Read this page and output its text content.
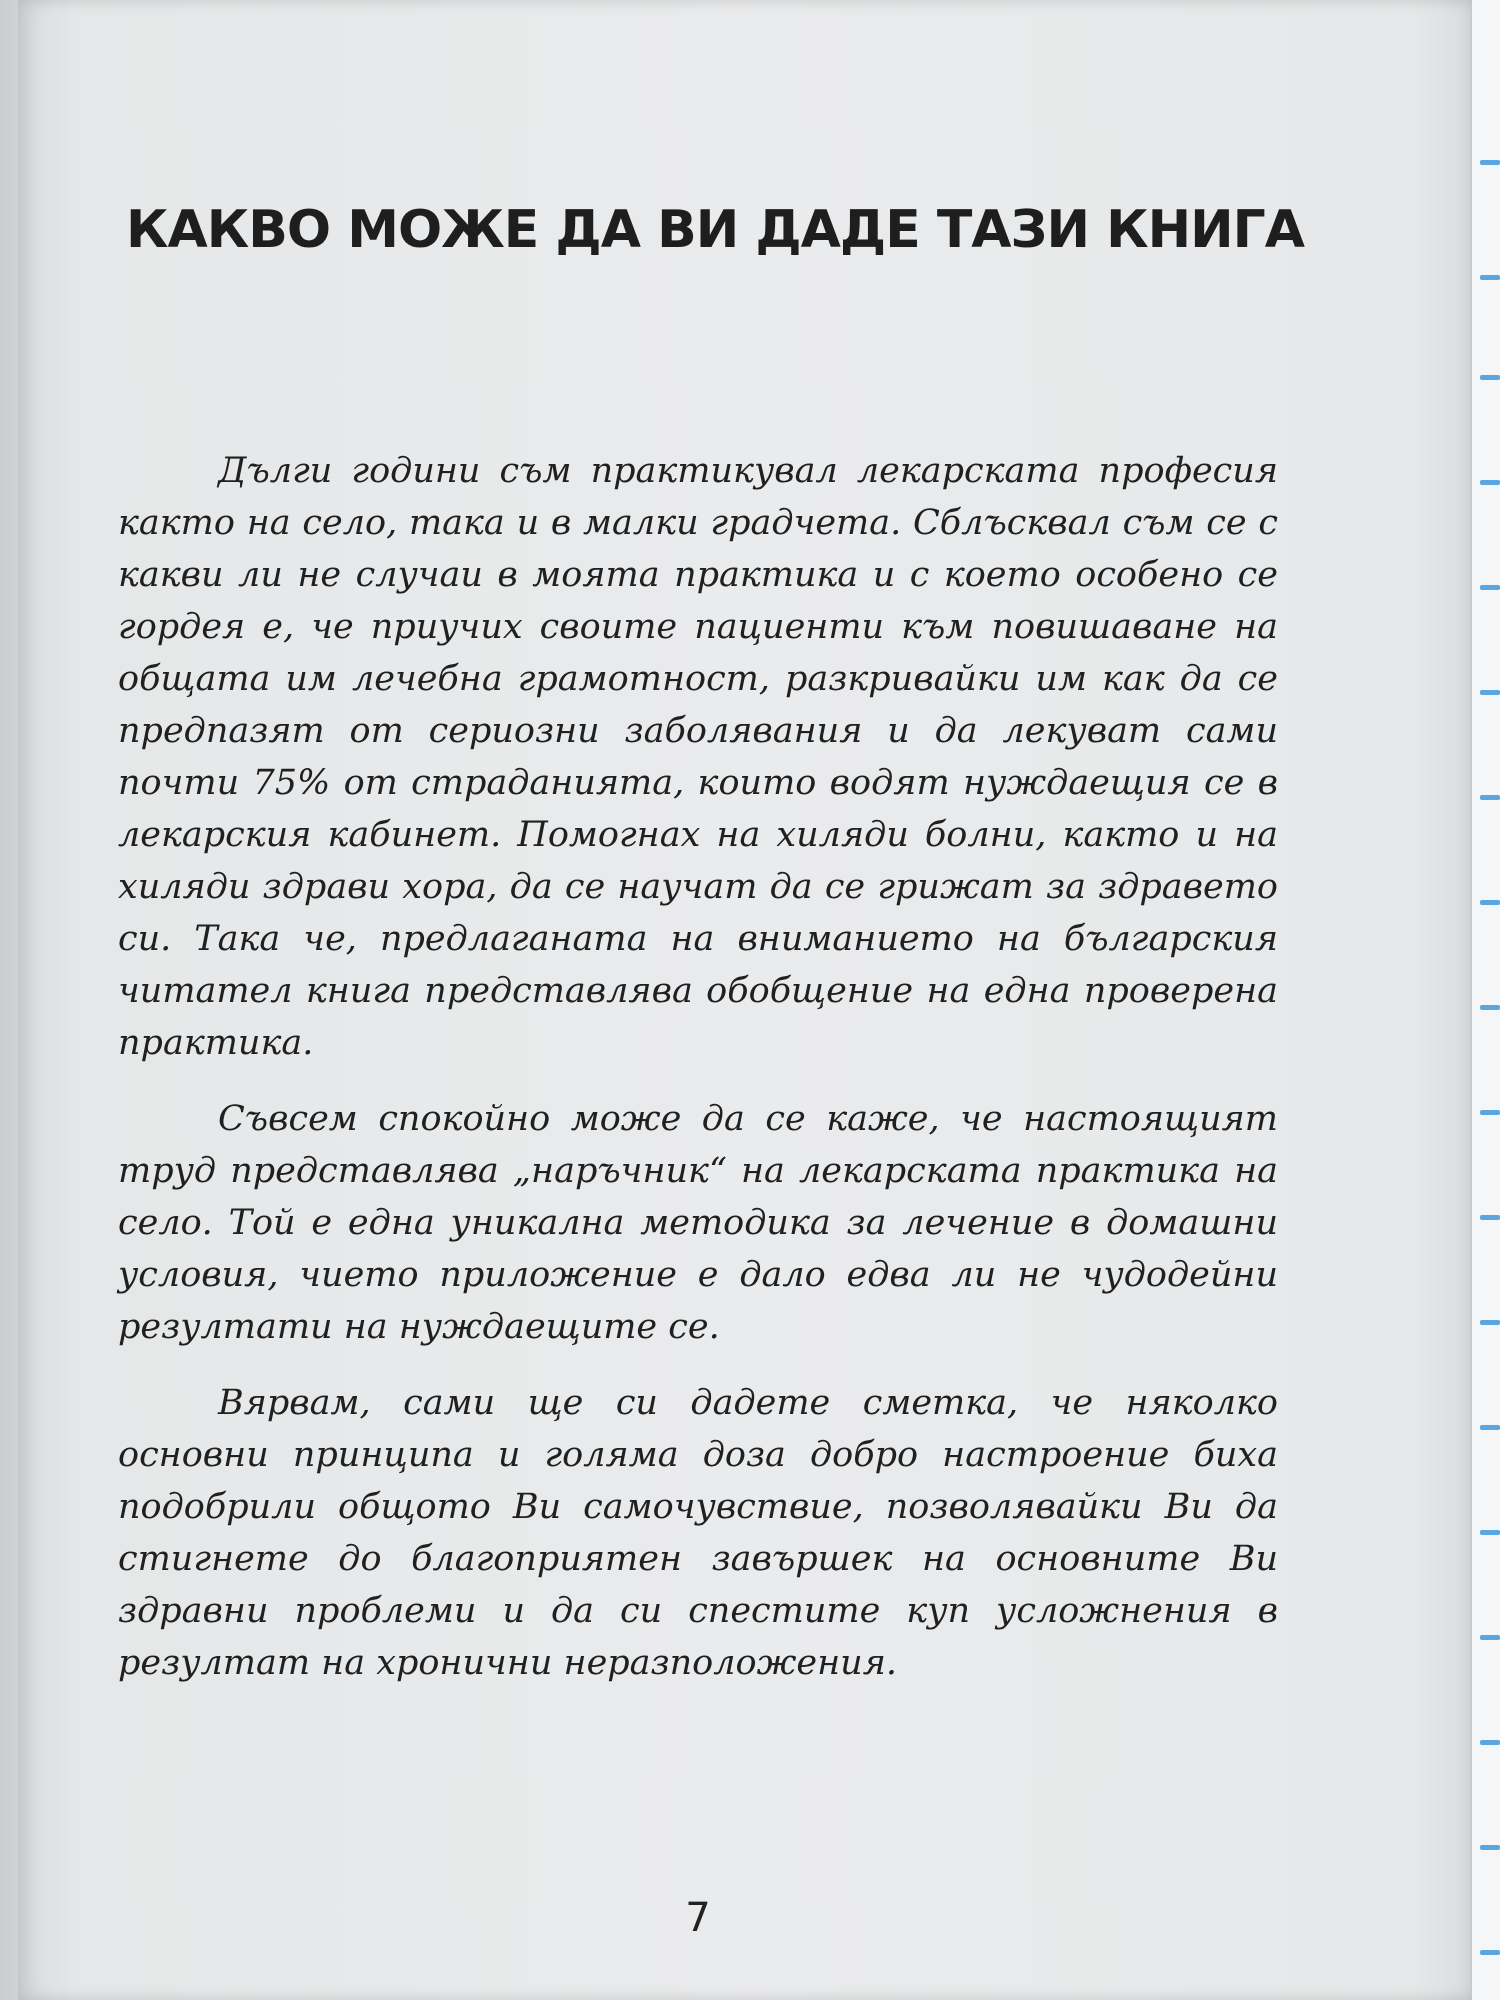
КАКВО МОЖЕ ДА ВИ ДАДЕ ТАЗИ КНИГА

Дълги години съм практикувал лекарската професия както на село, така и в малки градчета. Сблъсквал съм се с какви ли не случаи в моята практика и с което особено се гордея е, че приучих своите пациенти към повишаване на общата им лечебна грамотност, разкривайки им как да се предпазят от сериозни заболявания и да лекуват сами почти 75% от страданията, които водят нуждаещия се в лекарския кабинет. Помогнах на хиляди болни, както и на хиляди здрави хора, да се научат да се грижат за здравето си. Така че, предлаганата на вниманието на българския читател книга представлява обобщение на една проверена практика.

Съвсем спокойно може да се каже, че настоящият труд представлява „наръчник“ на лекарската практика на село. Той е една уникална методика за лечение в домашни условия, чието приложение е дало едва ли не чудодейни резултати на нуждаещите се.

Вярвам, сами ще си дадете сметка, че няколко основни принципа и голяма доза добро настроение биха подобрили общото Ви самочувствие, позволявайки Ви да стигнете до благоприятен завършек на основните Ви здравни проблеми и да си спестите куп усложнения в резултат на хронични неразположения.

7
